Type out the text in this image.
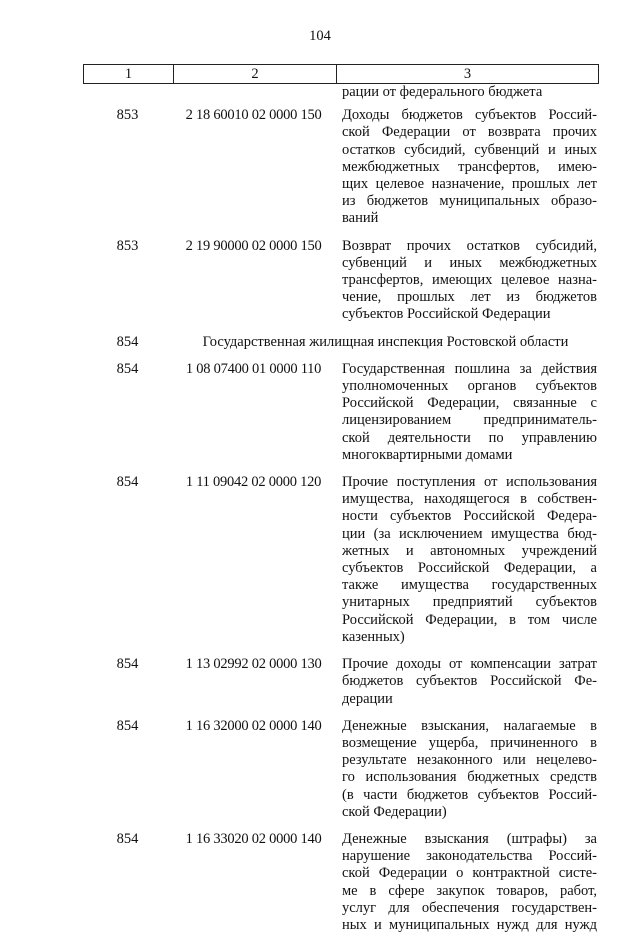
104
1	2	3
рации от федерального бюджета
853	2 18 60010 02 0000 150	Доходы бюджетов субъектов Россий-
ской Федерации от возврата прочих
остатков субсидий, субвенций и иных
межбюджетных трансфертов, имею-
щих целевое назначение, прошлых лет
из бюджетов муниципальных образо-
ваний
853	2 19 90000 02 0000 150	Возврат прочих остатков субсидий,
субвенций и иных межбюджетных
трансфертов, имеющих целевое назна-
чение, прошлых лет из бюджетов
субъектов Российской Федерации
854	Государственная жилищная инспекция Ростовской области
854	1 08 07400 01 0000 110	Государственная пошлина за действия
уполномоченных органов субъектов
Российской Федерации, связанные с
лицензированием предприниматель-
ской деятельности по управлению
многоквартирными домами
854	1 11 09042 02 0000 120	Прочие поступления от использования
имущества, находящегося в собствен-
ности субъектов Российской Федера-
ции (за исключением имущества бюд-
жетных и автономных учреждений
субъектов Российской Федерации, а
также имущества государственных
унитарных предприятий субъектов
Российской Федерации, в том числе
казенных)
854	1 13 02992 02 0000 130	Прочие доходы от компенсации затрат
бюджетов субъектов Российской Фе-
дерации
854	1 16 32000 02 0000 140	Денежные взыскания, налагаемые в
возмещение ущерба, причиненного в
результате незаконного или нецелево-
го использования бюджетных средств
(в части бюджетов субъектов Россий-
ской Федерации)
854	1 16 33020 02 0000 140	Денежные взыскания (штрафы) за
нарушение законодательства Россий-
ской Федерации о контрактной систе-
ме в сфере закупок товаров, работ,
услуг для обеспечения государствен-
ных и муниципальных нужд для нужд
